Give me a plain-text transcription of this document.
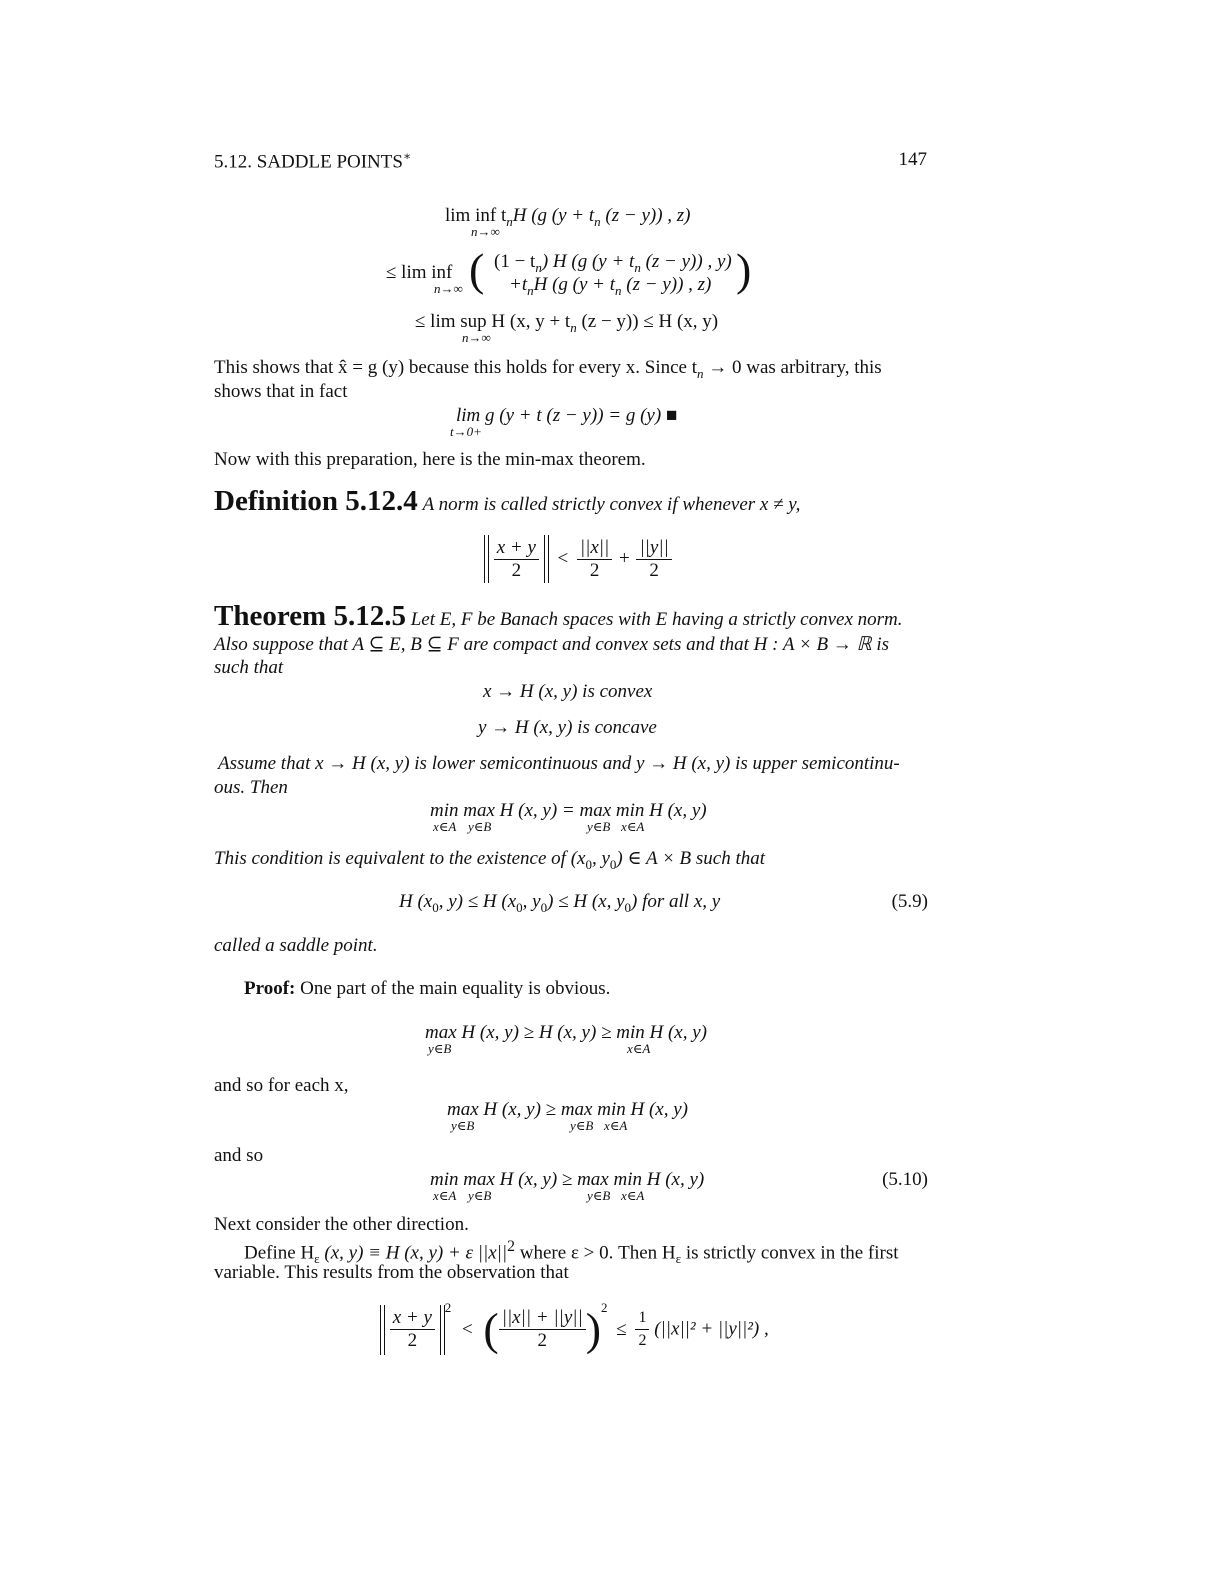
5.12. SADDLE POINTS∗	147
lim inf $t_nH$ (g ($y + t_n$ (z − y)) , z)
n→∞
≤ lim inf
n→∞ ( $(1 - t_n)$ H (g ($y + t_n$ (z − y)) , y)
$+t_nH$ (g ($y + t_n$ (z − y)) , z) )
≤ lim sup H (x, $y + t_n$ (z − y)) ≤ H (x, y)
n→∞
This shows that x̂ = g (y) because this holds for every x. Since $t_n \to 0$ was arbitrary, this
shows that in fact
lim g (y + t (z − y)) = g (y) ■
t→0+
Now with this preparation, here is the min-max theorem.
Definition 5.12.4 A norm is called strictly convex if whenever x ≠ y,

$\frac{x + y}{2} < \frac{||x||}{2} + \frac{||y||}{2}$
Theorem 5.12.5 Let E, F be Banach spaces with E having a strictly convex norm.
Also suppose that A ⊆ E, B ⊆ F are compact and convex sets and that H : A × B → ℝ is
such that
x → H (x, y) is convex
y → H (x, y) is concave
Assume that x → H (x, y) is lower semicontinuous and y → H (x, y) is upper semicontinu-
ous. Then
min max H (x, y) = max min H (x, y)
x∈A y∈B	y∈B x∈A
This condition is equivalent to the existence of ($x_0$, $y_0$) ∈ A × B such that
H ($x_0$, y) ≤ H ($x_0$, $y_0) \le H$ (x, $y_0$) for all x, y	(5.9)
called a saddle point.
Proof: One part of the main equality is obvious.
max H (x, y) ≥ H (x, y) ≥ min H (x, y)
y∈B	x∈A
and so for each x,
max H (x, y) ≥ max min H (x, y)
y∈B	y∈B x∈A
and so
min max H (x, y) ≥ max min H (x, y)
x∈A y∈B	y∈B x∈A
(5.10)
Next consider the other direction.
Define $H_\varepsilon$ (x, y) ≡ H (x, y) + ε $||x||^2$ where ε > 0. Then $H_\varepsilon$ is strictly convex in the first
variable. This results from the observation that

$\frac{x + y}{2} ^2$ < ( $\frac{||x|| + ||y||}{2} )^2 \le \frac{1}{2} (||x||^2 + ||y||^2)$ ,
